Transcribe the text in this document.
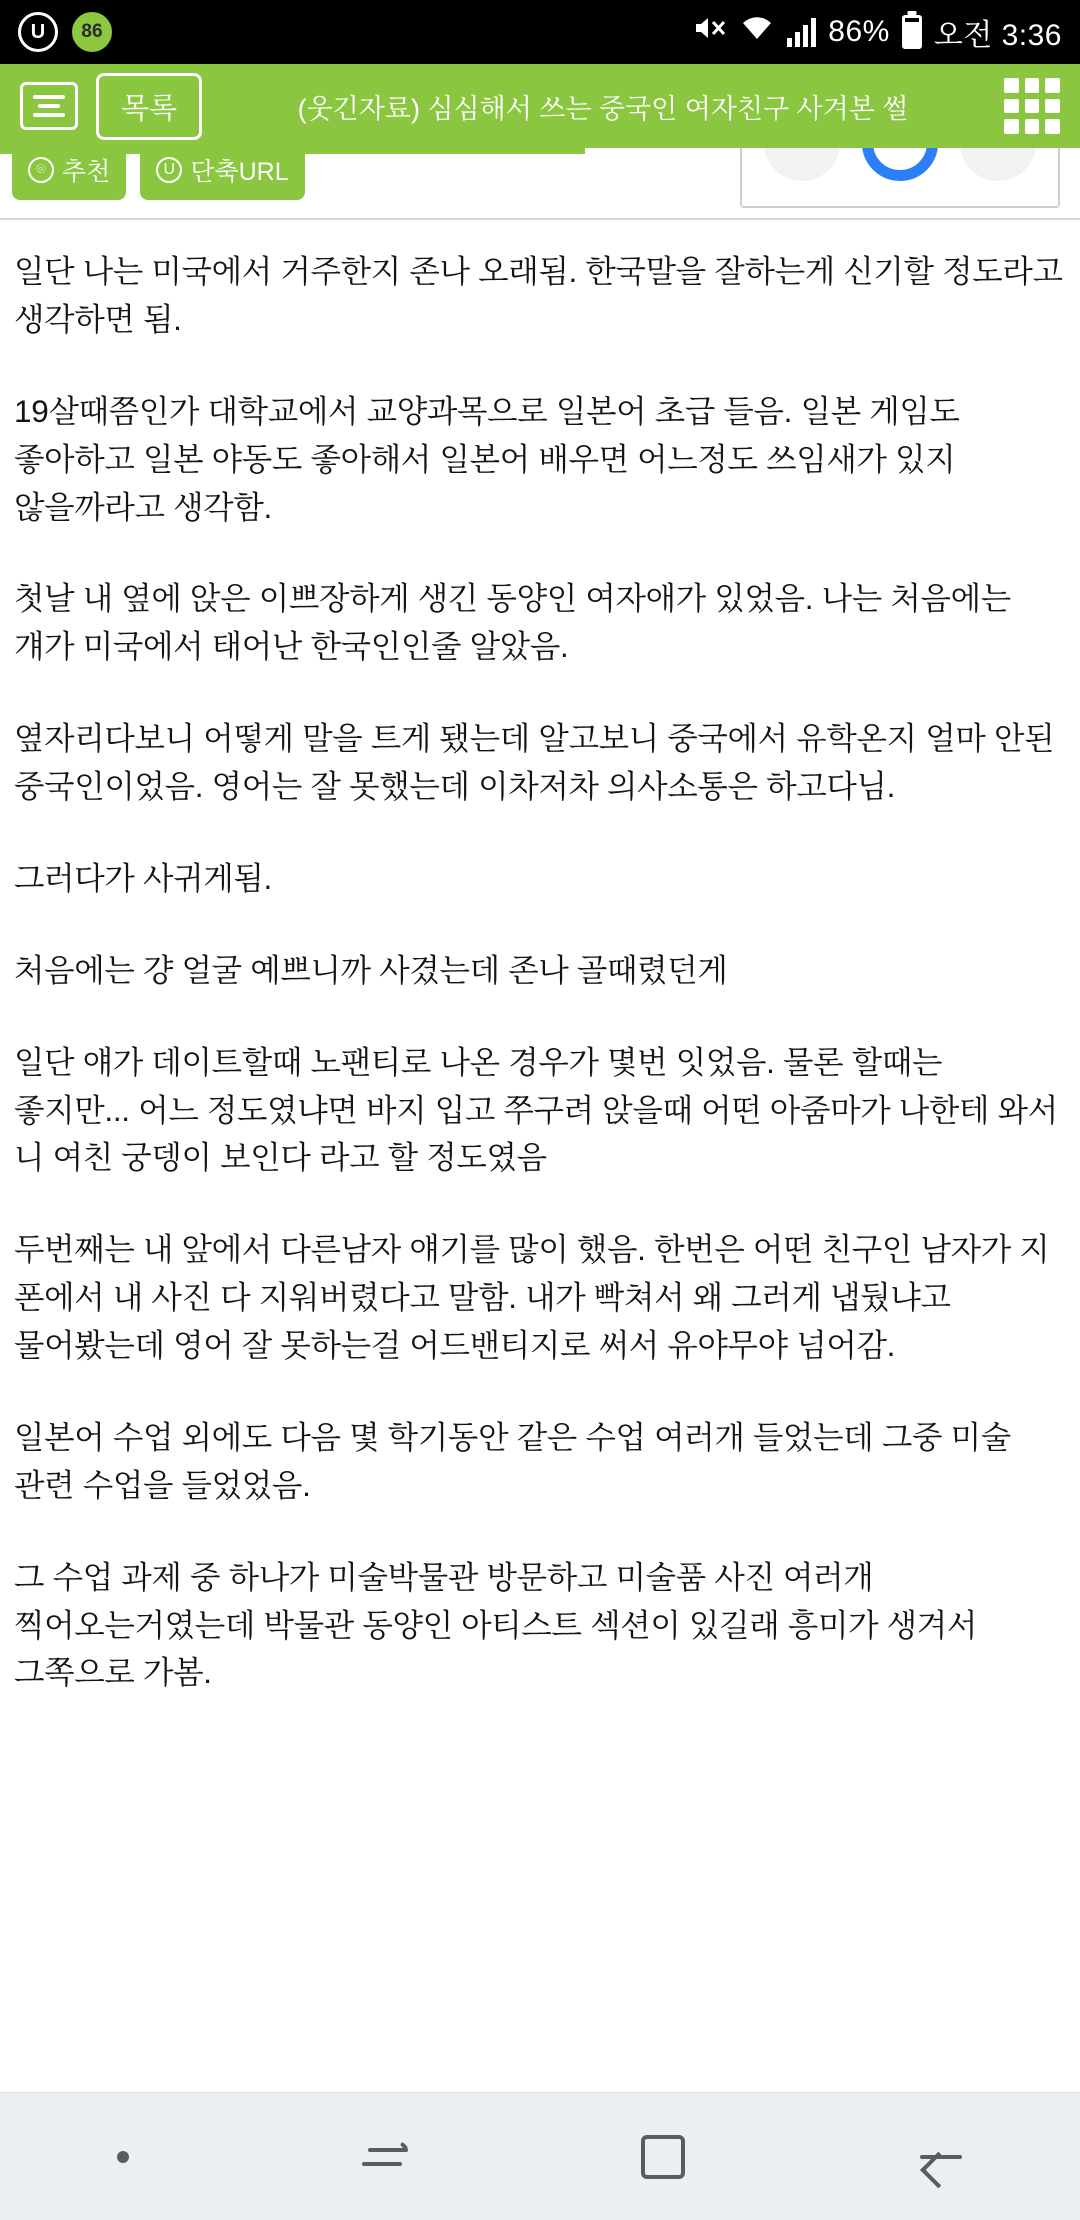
U	86	86% 오전 3:36
목록	(웃긴자료) 심심해서 쓰는 중국인 여자친구 사겨본 썰
⌾ 추천	U 단축URL

일단 나는 미국에서 거주한지 존나 오래됨. 한국말을 잘하는게 신기할 정도라고 생각하면 됨.

19살때쯤인가 대학교에서 교양과목으로 일본어 초급 들음. 일본 게임도 좋아하고 일본 야동도 좋아해서 일본어 배우면 어느정도 쓰임새가 있지 않을까라고 생각함.

첫날 내 옆에 앉은 이쁘장하게 생긴 동양인 여자애가 있었음. 나는 처음에는 걔가 미국에서 태어난 한국인인줄 알았음.

옆자리다보니 어떻게 말을 트게 됐는데 알고보니 중국에서 유학온지 얼마 안된 중국인이었음. 영어는 잘 못했는데 이차저차 의사소통은 하고다님.

그러다가 사귀게됨.

처음에는 걍 얼굴 예쁘니까 사겼는데 존나 골때렸던게

일단 얘가 데이트할때 노팬티로 나온 경우가 몇번 잇었음. 물론 할때는 좋지만... 어느 정도였냐면 바지 입고 쭈구려 앉을때 어떤 아줌마가 나한테 와서 니 여친 궁뎅이 보인다 라고 할 정도였음

두번째는 내 앞에서 다른남자 얘기를 많이 했음. 한번은 어떤 친구인 남자가 지 폰에서 내 사진 다 지워버렸다고 말함. 내가 빡쳐서 왜 그러게 냅뒀냐고 물어봤는데 영어 잘 못하는걸 어드밴티지로 써서 유야무야 넘어감.

일본어 수업 외에도 다음 몇 학기동안 같은 수업 여러개 들었는데 그중 미술 관련 수업을 들었었음.

그 수업 과제 중 하나가 미술박물관 방문하고 미술품 사진 여러개 찍어오는거였는데 박물관 동양인 아티스트 섹션이 있길래 흥미가 생겨서 그쪽으로 가봄.
